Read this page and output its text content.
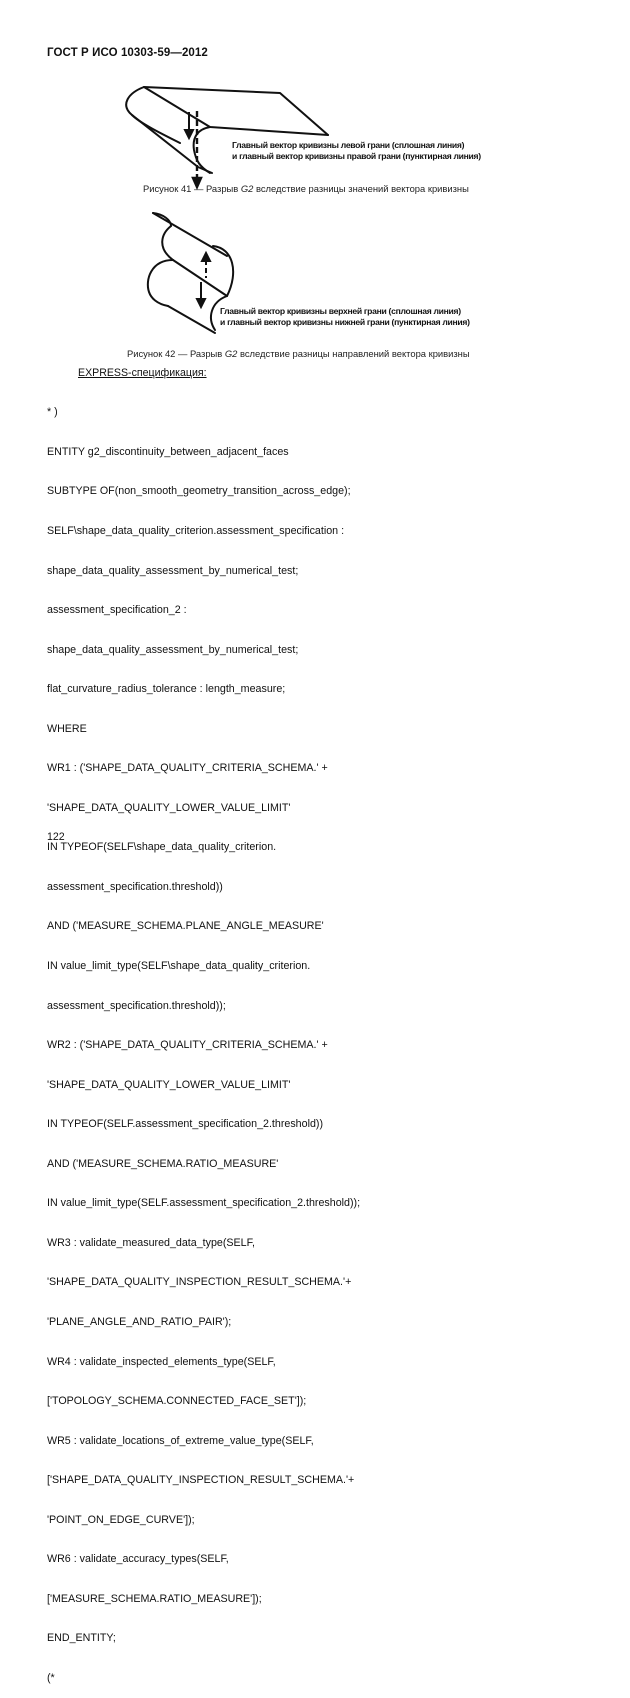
ГОСТ Р ИСО 10303-59—2012
Главный вектор кривизны левой грани (сплошная линия)
и главный вектор кривизны правой грани (пунктирная линия)
Рисунок 41 — Разрыв G2 вследствие разницы значений вектора кривизны
Главный вектор кривизны верхней грани (сплошная линия)
и главный вектор кривизны нижней грани (пунктирная линия)
Рисунок 42 — Разрыв G2 вследствие разницы направлений вектора кривизны
EXPRESS-спецификация:

* )

ENTITY g2_discontinuity_between_adjacent_faces

SUBTYPE OF(non_smooth_geometry_transition_across_edge);

SELF\shape_data_quality_criterion.assessment_specification :

shape_data_quality_assessment_by_numerical_test;

assessment_specification_2 :

shape_data_quality_assessment_by_numerical_test;

flat_curvature_radius_tolerance : length_measure;

WHERE

WR1 : ('SHAPE_DATA_QUALITY_CRITERIA_SCHEMA.' +

'SHAPE_DATA_QUALITY_LOWER_VALUE_LIMIT'

IN TYPEOF(SELF\shape_data_quality_criterion.

assessment_specification.threshold))

AND ('MEASURE_SCHEMA.PLANE_ANGLE_MEASURE'

IN value_limit_type(SELF\shape_data_quality_criterion.

assessment_specification.threshold));

WR2 : ('SHAPE_DATA_QUALITY_CRITERIA_SCHEMA.' +

'SHAPE_DATA_QUALITY_LOWER_VALUE_LIMIT'

IN TYPEOF(SELF.assessment_specification_2.threshold))

AND ('MEASURE_SCHEMA.RATIO_MEASURE'

IN value_limit_type(SELF.assessment_specification_2.threshold));

WR3 : validate_measured_data_type(SELF,

'SHAPE_DATA_QUALITY_INSPECTION_RESULT_SCHEMA.'+

'PLANE_ANGLE_AND_RATIO_PAIR');

WR4 : validate_inspected_elements_type(SELF,

['TOPOLOGY_SCHEMA.CONNECTED_FACE_SET']);

WR5 : validate_locations_of_extreme_value_type(SELF,

['SHAPE_DATA_QUALITY_INSPECTION_RESULT_SCHEMA.'+

'POINT_ON_EDGE_CURVE']);

WR6 : validate_accuracy_types(SELF,

['MEASURE_SCHEMA.RATIO_MEASURE']);

END_ENTITY;

(*

122
